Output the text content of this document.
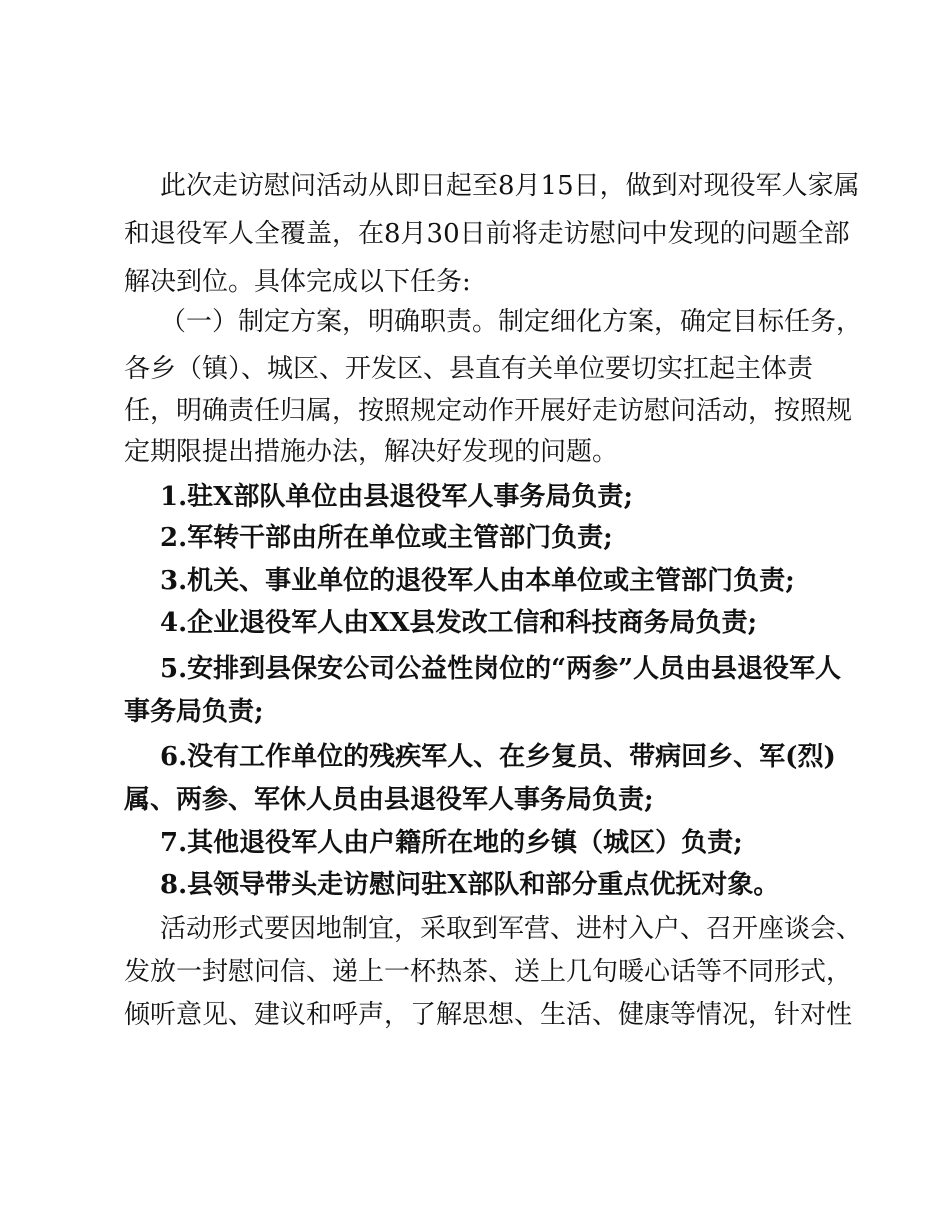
此次走访慰问活动从即日起至8月15日，做到对现役军人家属
和退役军人全覆盖，在8月30日前将走访慰问中发现的问题全部
解决到位。具体完成以下任务:
（一）制定方案，明确职责。制定细化方案，确定目标任务，
各乡（镇）、城区、开发区、县直有关单位要切实扛起主体责
任，明确责任归属，按照规定动作开展好走访慰问活动，按照规
定期限提出措施办法，解决好发现的问题。
1.驻X部队单位由县退役军人事务局负责;
2.军转干部由所在单位或主管部门负责;
3.机关、事业单位的退役军人由本单位或主管部门负责;
4.企业退役军人由XX县发改工信和科技商务局负责;
5.安排到县保安公司公益性岗位的“两参”人员由县退役军人
事务局负责;
6.没有工作单位的残疾军人、在乡复员、带病回乡、军(烈)
属、两参、军休人员由县退役军人事务局负责;
7.其他退役军人由户籍所在地的乡镇（城区）负责;
8.县领导带头走访慰问驻X部队和部分重点优抚对象。
活动形式要因地制宜，采取到军营、进村入户、召开座谈会、
发放一封慰问信、递上一杯热茶、送上几句暖心话等不同形式，
倾听意见、建议和呼声，了解思想、生活、健康等情况，针对性
